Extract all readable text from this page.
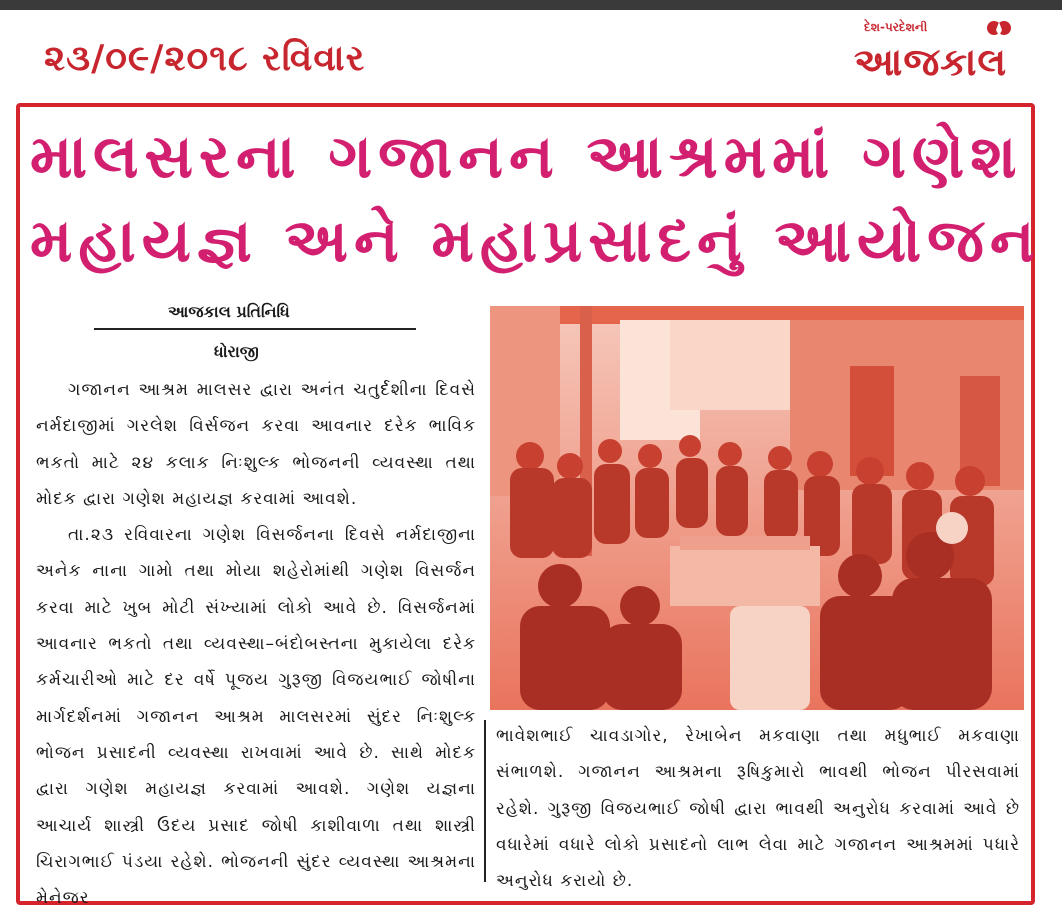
૨૩/૦૯/૨૦૧૮ રવિવાર
દેશ-પરદેશની
આજકાલ
માલસરના ગજાનન આશ્રમમાં ગણેશ
મહાયજ્ઞ અને મહાપ્રસાદનું આયોજન
આજકાલ પ્રતિનિધિ
ધોરાજી

ગજાનન આશ્રમ માલસર દ્વારા અનંત ચતુર્દશીના દિવસે નર્મદાજીમાં ગરલેશ વિર્સજન કરવા આવનાર દરેક ભાવિક ભકતો માટે ૨૪ કલાક નિઃશુલ્ક ભોજનની વ્યવસ્થા તથા મોદક દ્વારા ગણેશ મહાયજ્ઞ કરવામાં આવશે.

તા.૨૩ રવિવારના ગણેશ વિસર્જનના દિવસે નર્મદાજીના અનેક નાના ગામો તથા મોયા શહેરોમાંથી ગણેશ વિસર્જન કરવા માટે ખુબ મોટી સંખ્યામાં લોકો આવે છે. વિસર્જનમાં આવનાર ભકતો તથા વ્યવસ્થા–બંદોબસ્તના મુકાયેલા દરેક કર્મચારીઓ માટે દર વર્ષે પૂજય ગુરૂજી વિજયભાઈ જોષીના માર્ગદર્શનમાં ગજાનન આશ્રમ માલસરમાં સુંદર નિઃશુલ્ક ભોજન પ્રસાદની વ્યવસ્થા રાખવામાં આવે છે. સાથે મોદક દ્વારા ગણેશ મહાયજ્ઞ કરવામાં આવશે. ગણેશ યજ્ઞના આચાર્ય શાસ્ત્રી ઉદય પ્રસાદ જોષી કાશીવાળા તથા શાસ્ત્રી ચિરાગભાઈ પંડયા રહેશે. ભોજનની સુંદર વ્યવસ્થા આશ્રમના મેનેજર

ભાવેશભાઈ ચાવડાગોર, રેખાબેન મકવાણા તથા મધુભાઈ મકવાણા સંભાળશે. ગજાનન આશ્રમના રૂષિકુમારો ભાવથી ભોજન પીરસવામાં રહેશે. ગુરૂજી વિજયભાઈ જોષી દ્વારા ભાવથી અનુરોધ કરવામાં આવે છે વધારેમાં વધારે લોકો પ્રસાદનો લાભ લેવા માટે ગજાનન આશ્રમમાં પધારે અનુરોધ કરાયો છે.
